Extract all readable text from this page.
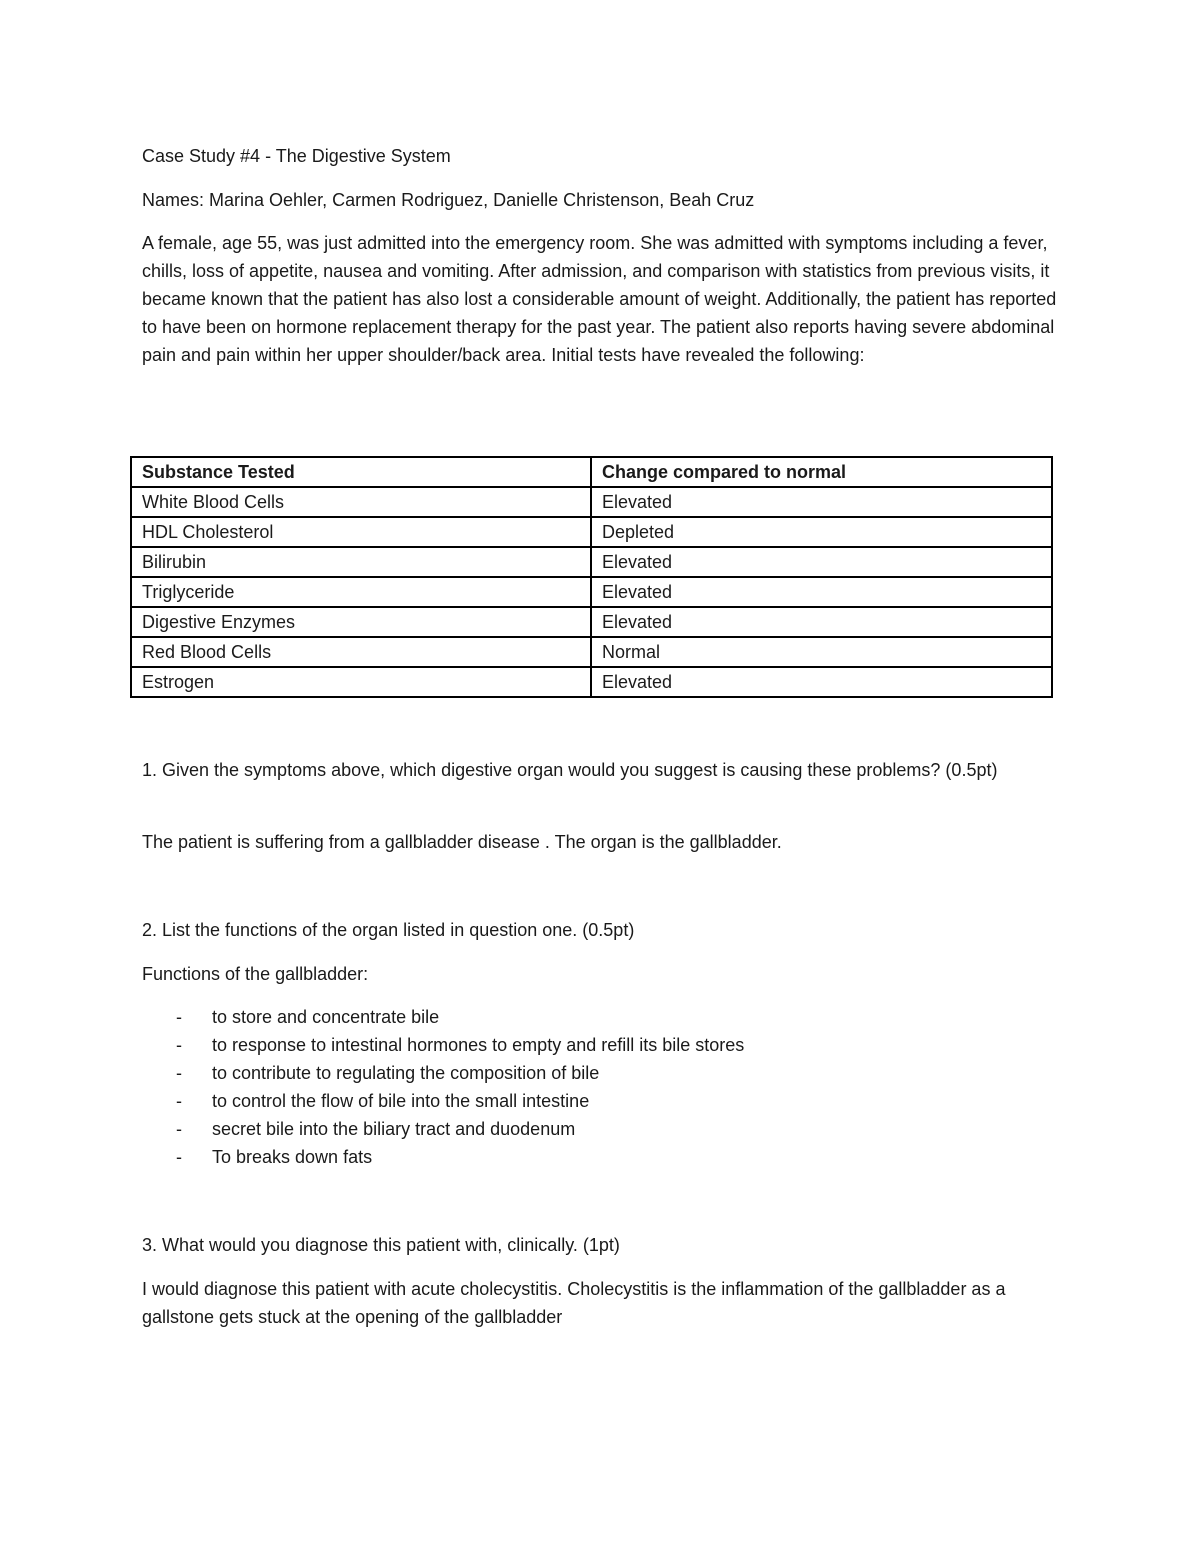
Case Study #4 - The Digestive System
Names: Marina Oehler, Carmen Rodriguez, Danielle Christenson, Beah Cruz
A female, age 55, was just admitted into the emergency room. She was admitted with symptoms including a fever, chills, loss of appetite, nausea and vomiting. After admission, and comparison with statistics from previous visits, it became known that the patient has also lost a considerable amount of weight. Additionally, the patient has reported to have been on hormone replacement therapy for the past year. The patient also reports having severe abdominal pain and pain within her upper shoulder/back area. Initial tests have revealed the following:
Substance Tested	Change compared to normal
White Blood Cells	Elevated
HDL Cholesterol	Depleted
Bilirubin	Elevated
Triglyceride	Elevated
Digestive Enzymes	Elevated
Red Blood Cells	Normal
Estrogen	Elevated
1. Given the symptoms above, which digestive organ would you suggest is causing these problems? (0.5pt)
The patient is suffering from a gallbladder disease . The organ is the gallbladder.
2. List the functions of the organ listed in question one. (0.5pt)
Functions of the gallbladder:
- to store and concentrate bile
- to response to intestinal hormones to empty and refill its bile stores
- to contribute to regulating the composition of bile
- to control the flow of bile into the small intestine
- secret bile into the biliary tract and duodenum
- To breaks down fats
3. What would you diagnose this patient with, clinically. (1pt)
I would diagnose this patient with acute cholecystitis. Cholecystitis is the inflammation of the gallbladder as a gallstone gets stuck at the opening of the gallbladder
